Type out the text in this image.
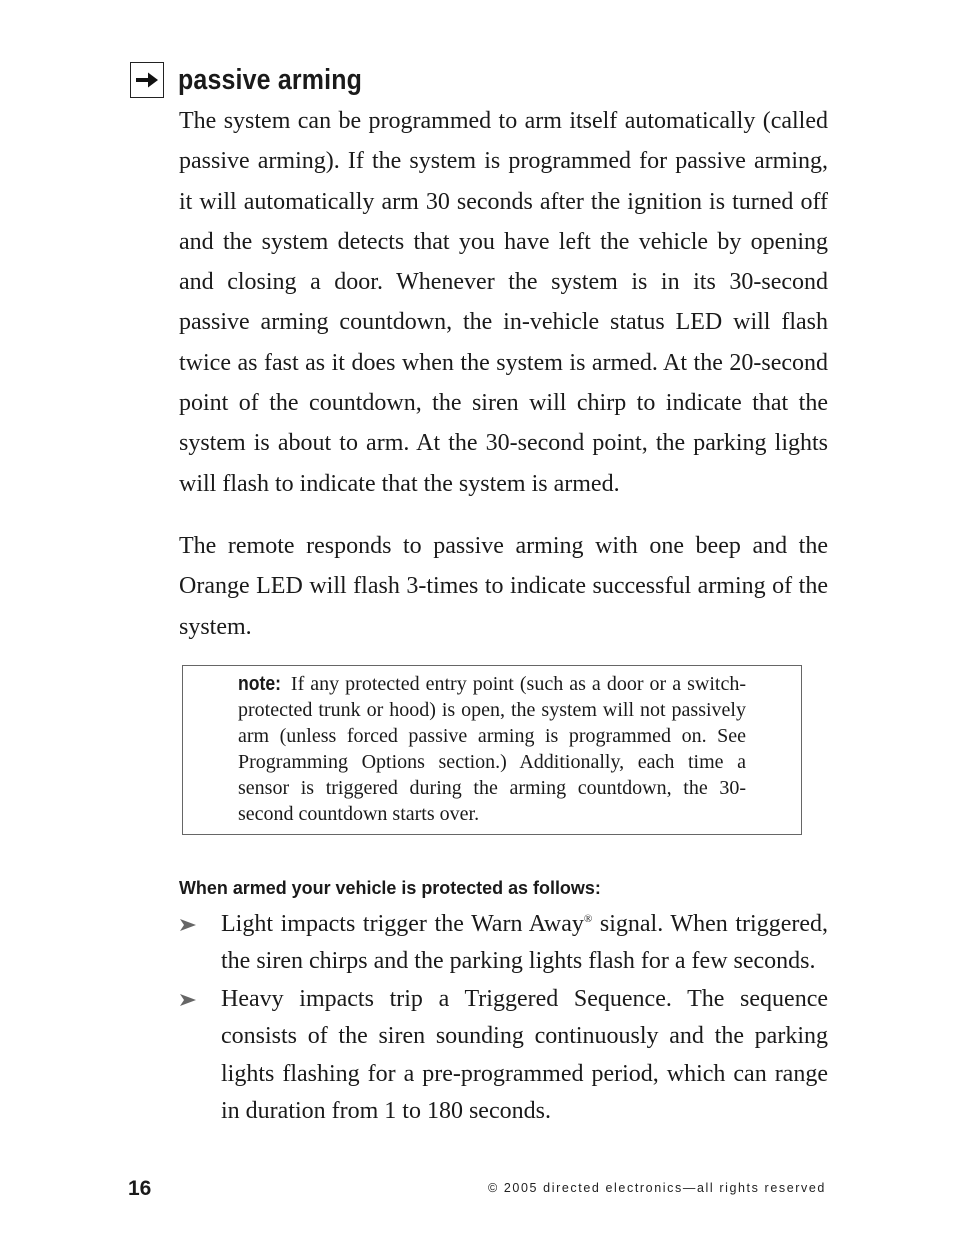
passive arming

The system can be programmed to arm itself automatically (called passive arming). If the system is programmed for passive arming, it will automatically arm 30 seconds after the ignition is turned off and the system detects that you have left the vehicle by opening and closing a door. Whenever the system is in its 30-second passive arming countdown, the in-vehicle status LED will flash twice as fast as it does when the system is armed. At the 20-second point of the countdown, the siren will chirp to indicate that the system is about to arm. At the 30-second point, the parking lights will flash to indicate that the system is armed.

The remote responds to passive arming with one beep and the Orange LED will flash 3-times to indicate successful arming of the system.

note: If any protected entry point (such as a door or a switch-protected trunk or hood) is open, the system will not passively arm (unless forced passive arming is programmed on. See Programming Options section.) Additionally, each time a sensor is triggered during the arming countdown, the 30-second countdown starts over.

When armed your vehicle is protected as follows:

Light impacts trigger the Warn Away® signal. When triggered, the siren chirps and the parking lights flash for a few seconds.

Heavy impacts trip a Triggered Sequence. The sequence consists of the siren sounding continuously and the parking lights flashing for a pre-programmed period, which can range in duration from 1 to 180 seconds.

16	© 2005 directed electronics—all rights reserved
